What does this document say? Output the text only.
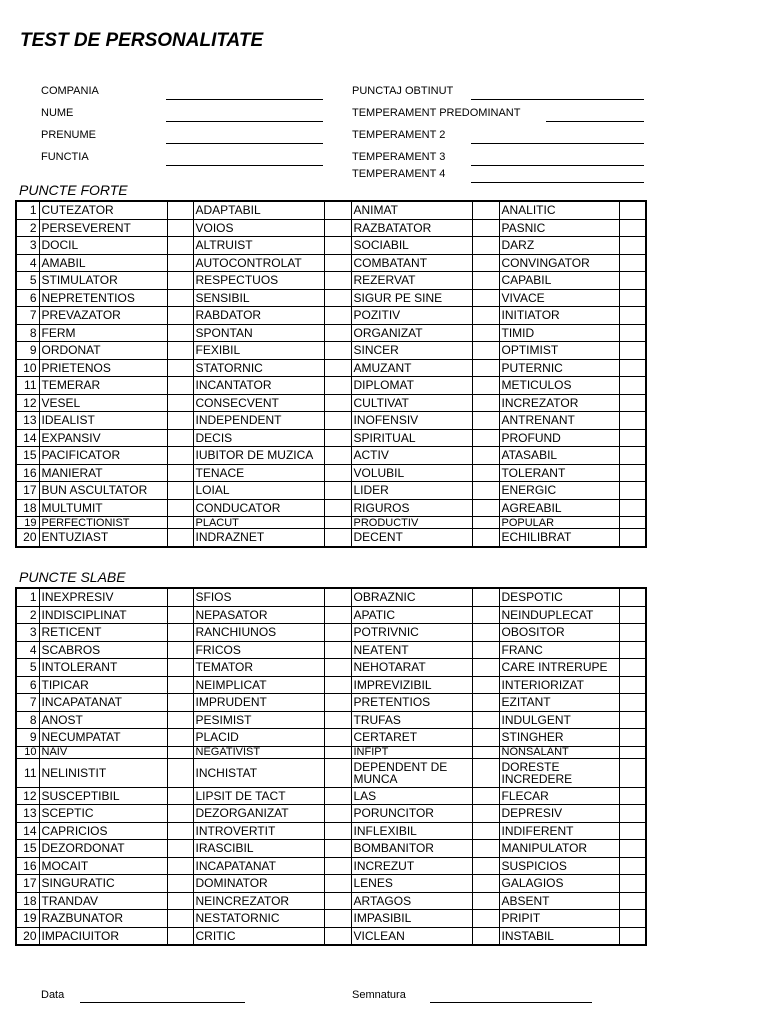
TEST DE PERSONALITATE
COMPANIA
NUME
PRENUME
FUNCTIA
PUNCTAJ OBTINUT
TEMPERAMENT PREDOMINANT
TEMPERAMENT 2
TEMPERAMENT 3
TEMPERAMENT 4
PUNCTE FORTE
1	CUTEZATOR		ADAPTABIL		ANIMAT		ANALITIC	
2	PERSEVERENT		VOIOS		RAZBATATOR		PASNIC	
3	DOCIL		ALTRUIST		SOCIABIL		DARZ	
4	AMABIL		AUTOCONTROLAT		COMBATANT		CONVINGATOR	
5	STIMULATOR		RESPECTUOS		REZERVAT		CAPABIL	
6	NEPRETENTIOS		SENSIBIL		SIGUR PE SINE		VIVACE	
7	PREVAZATOR		RABDATOR		POZITIV		INITIATOR	
8	FERM		SPONTAN		ORGANIZAT		TIMID	
9	ORDONAT		FEXIBIL		SINCER		OPTIMIST	
10	PRIETENOS		STATORNIC		AMUZANT		PUTERNIC	
11	TEMERAR		INCANTATOR		DIPLOMAT		METICULOS	
12	VESEL		CONSECVENT		CULTIVAT		INCREZATOR	
13	IDEALIST		INDEPENDENT		INOFENSIV		ANTRENANT	
14	EXPANSIV		DECIS		SPIRITUAL		PROFUND	
15	PACIFICATOR		IUBITOR DE MUZICA		ACTIV		ATASABIL	
16	MANIERAT		TENACE		VOLUBIL		TOLERANT	
17	BUN ASCULTATOR		LOIAL		LIDER		ENERGIC	
18	MULTUMIT		CONDUCATOR		RIGUROS		AGREABIL	
19	PERFECTIONIST		PLACUT		PRODUCTIV		POPULAR	
20	ENTUZIAST		INDRAZNET		DECENT		ECHILIBRAT	
PUNCTE SLABE
1	INEXPRESIV		SFIOS		OBRAZNIC		DESPOTIC	
2	INDISCIPLINAT		NEPASATOR		APATIC		NEINDUPLECAT	
3	RETICENT		RANCHIUNOS		POTRIVNIC		OBOSITOR	
4	SCABROS		FRICOS		NEATENT		FRANC	
5	INTOLERANT		TEMATOR		NEHOTARAT		CARE INTRERUPE	
6	TIPICAR		NEIMPLICAT		IMPREVIZIBIL		INTERIORIZAT	
7	INCAPATANAT		IMPRUDENT		PRETENTIOS		EZITANT	
8	ANOST		PESIMIST		TRUFAS		INDULGENT	
9	NECUMPATAT		PLACID		CERTARET		STINGHER	
10	NAIV		NEGATIVIST		INFIPT		NONSALANT	
11	NELINISTIT		INCHISTAT		DEPENDENT DE MUNCA		DORESTE INCREDERE	
12	SUSCEPTIBIL		LIPSIT DE TACT		LAS		FLECAR	
13	SCEPTIC		DEZORGANIZAT		PORUNCITOR		DEPRESIV	
14	CAPRICIOS		INTROVERTIT		INFLEXIBIL		INDIFERENT	
15	DEZORDONAT		IRASCIBIL		BOMBANITOR		MANIPULATOR	
16	MOCAIT		INCAPATANAT		INCREZUT		SUSPICIOS	
17	SINGURATIC		DOMINATOR		LENES		GALAGIOS	
18	TRANDAV		NEINCREZATOR		ARTAGOS		ABSENT	
19	RAZBUNATOR		NESTATORNIC		IMPASIBIL		PRIPIT	
20	IMPACIUITOR		CRITIC		VICLEAN		INSTABIL	
Data	Semnatura
